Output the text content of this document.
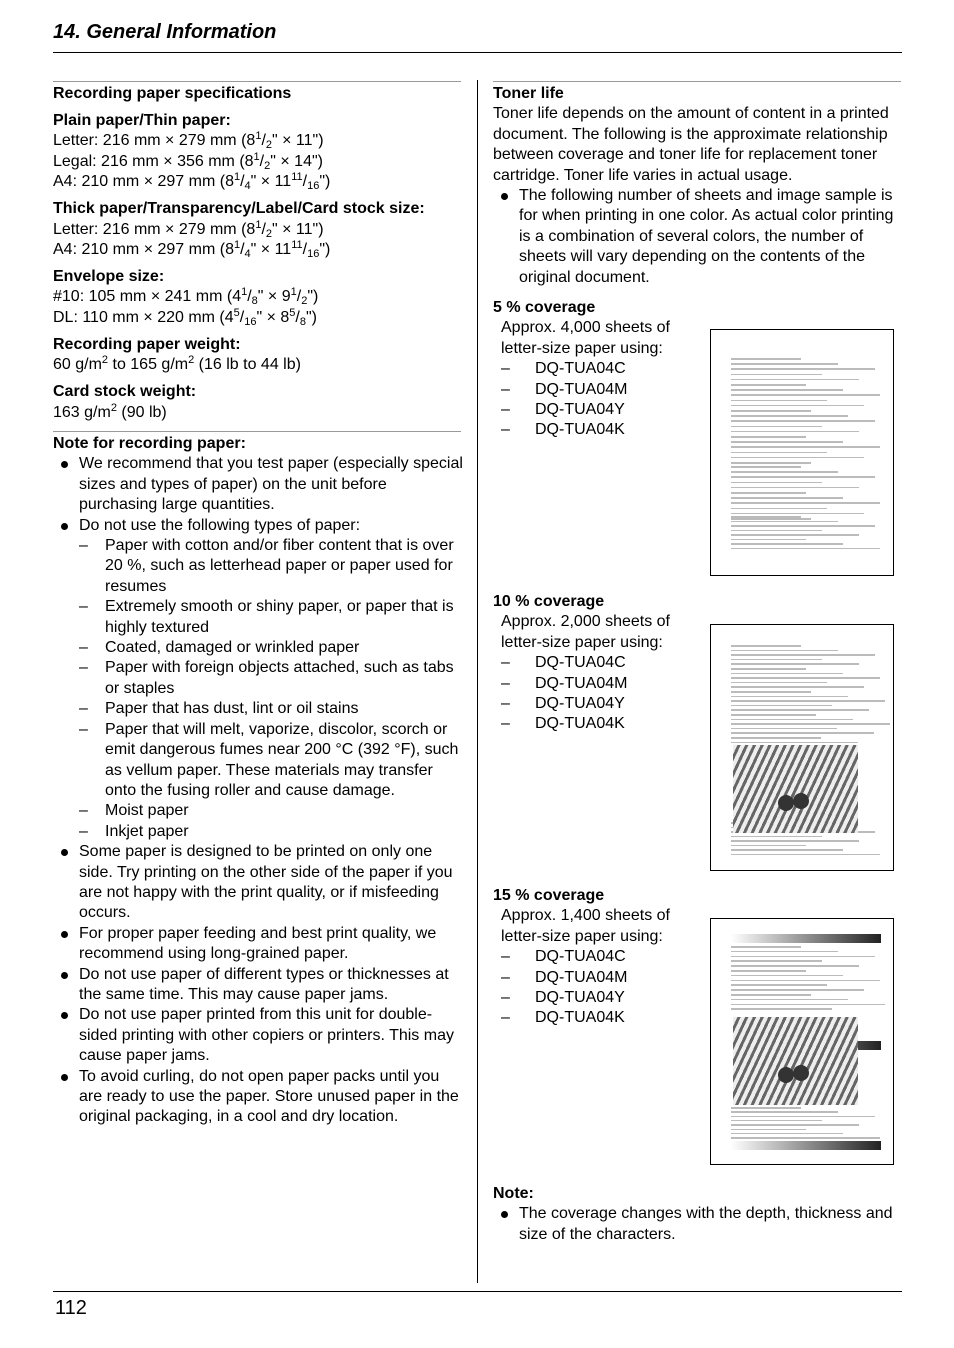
14. General Information
Recording paper specifications
Plain paper/Thin paper:
Letter: 216 mm × 279 mm ($8^1/_2$" × 11")
Legal: 216 mm × 356 mm ($8^1/_2$" × 14")
A4: 210 mm × 297 mm ($8^1/_4$" × $11^{11}/_{16}$")
Thick paper/Transparency/Label/Card stock size:
Letter: 216 mm × 279 mm ($8^1/_2$" × 11")
A4: 210 mm × 297 mm ($8^1/_4$" × $11^{11}/_{16}$")
Envelope size:
#10: 105 mm × 241 mm ($4^1/_8$" × $9^1/_2$")
DL: 110 mm × 220 mm ($4^5/_{16}$" × $8^5/_8$")
Recording paper weight:
60 $g/m^2$ to 165 $g/m^2$ (16 lb to 44 lb)
Card stock weight:
163 $g/m^2$ (90 lb)
Note for recording paper:
We recommend that you test paper (especially special sizes and types of paper) on the unit before purchasing large quantities.
Do not use the following types of paper:
– Paper with cotton and/or fiber content that is over 20 %, such as letterhead paper or paper used for resumes
– Extremely smooth or shiny paper, or paper that is highly textured
– Coated, damaged or wrinkled paper
– Paper with foreign objects attached, such as tabs or staples
– Paper that has dust, lint or oil stains
– Paper that will melt, vaporize, discolor, scorch or emit dangerous fumes near 200 °C (392 °F), such as vellum paper. These materials may transfer onto the fusing roller and cause damage.
– Moist paper
– Inkjet paper
Some paper is designed to be printed on only one side. Try printing on the other side of the paper if you are not happy with the print quality, or if misfeeding occurs.
For proper paper feeding and best print quality, we recommend using long-grained paper.
Do not use paper of different types or thicknesses at the same time. This may cause paper jams.
Do not use paper printed from this unit for double-sided printing with other copiers or printers. This may cause paper jams.
To avoid curling, do not open paper packs until you are ready to use the paper. Store unused paper in the original packaging, in a cool and dry location.
Toner life
Toner life depends on the amount of content in a printed document. The following is the approximate relationship between coverage and toner life for replacement toner cartridge. Toner life varies in actual usage.
The following number of sheets and image sample is for when printing in one color. As actual color printing is a combination of several colors, the number of sheets will vary depending on the contents of the original document.
5 % coverage
Approx. 4,000 sheets of
letter-size paper using:
– DQ-TUA04C
– DQ-TUA04M
– DQ-TUA04Y
– DQ-TUA04K
10 % coverage
Approx. 2,000 sheets of
letter-size paper using:
– DQ-TUA04C
– DQ-TUA04M
– DQ-TUA04Y
– DQ-TUA04K
15 % coverage
Approx. 1,400 sheets of
letter-size paper using:
– DQ-TUA04C
– DQ-TUA04M
– DQ-TUA04Y
– DQ-TUA04K
Note:
The coverage changes with the depth, thickness and size of the characters.
112
